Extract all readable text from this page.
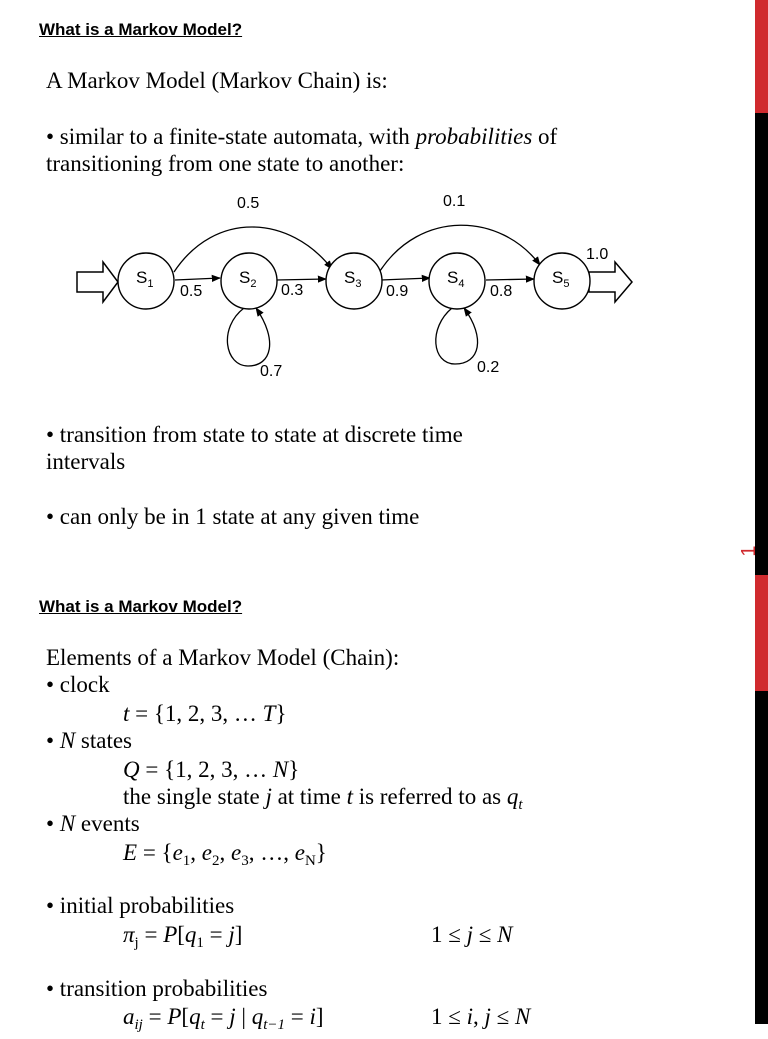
1
What is a Markov Model?
A Markov Model (Markov Chain) is:
• similar to a finite-state automata, with probabilities of
transitioning from one state to another:
$S_1$	$S_2$	$S_3$	$S_4$	$S_5$
0.5	0.1
1.0
0.5	0.3	0.9	0.8
0.7	0.2
• transition from state to state at discrete time
intervals
• can only be in 1 state at any given time
What is a Markov Model?
Elements of a Markov Model (Chain):
• clock
t = {1, 2, 3, … T}
• N states
Q = {1, 2, 3, … N}
the single state j at time t is referred to as $q_t$
• N events
$E = \{e_1$, $e_2$, $e_3$, …, $e_N$}
• initial probabilities
$\pi_j = P[q_1 = j]$	1 ≤ j ≤ N
• transition probabilities
$a_{ij} = P[q_t = j$ | $q_{t-1} = i$]	1 ≤ i, j ≤ N
